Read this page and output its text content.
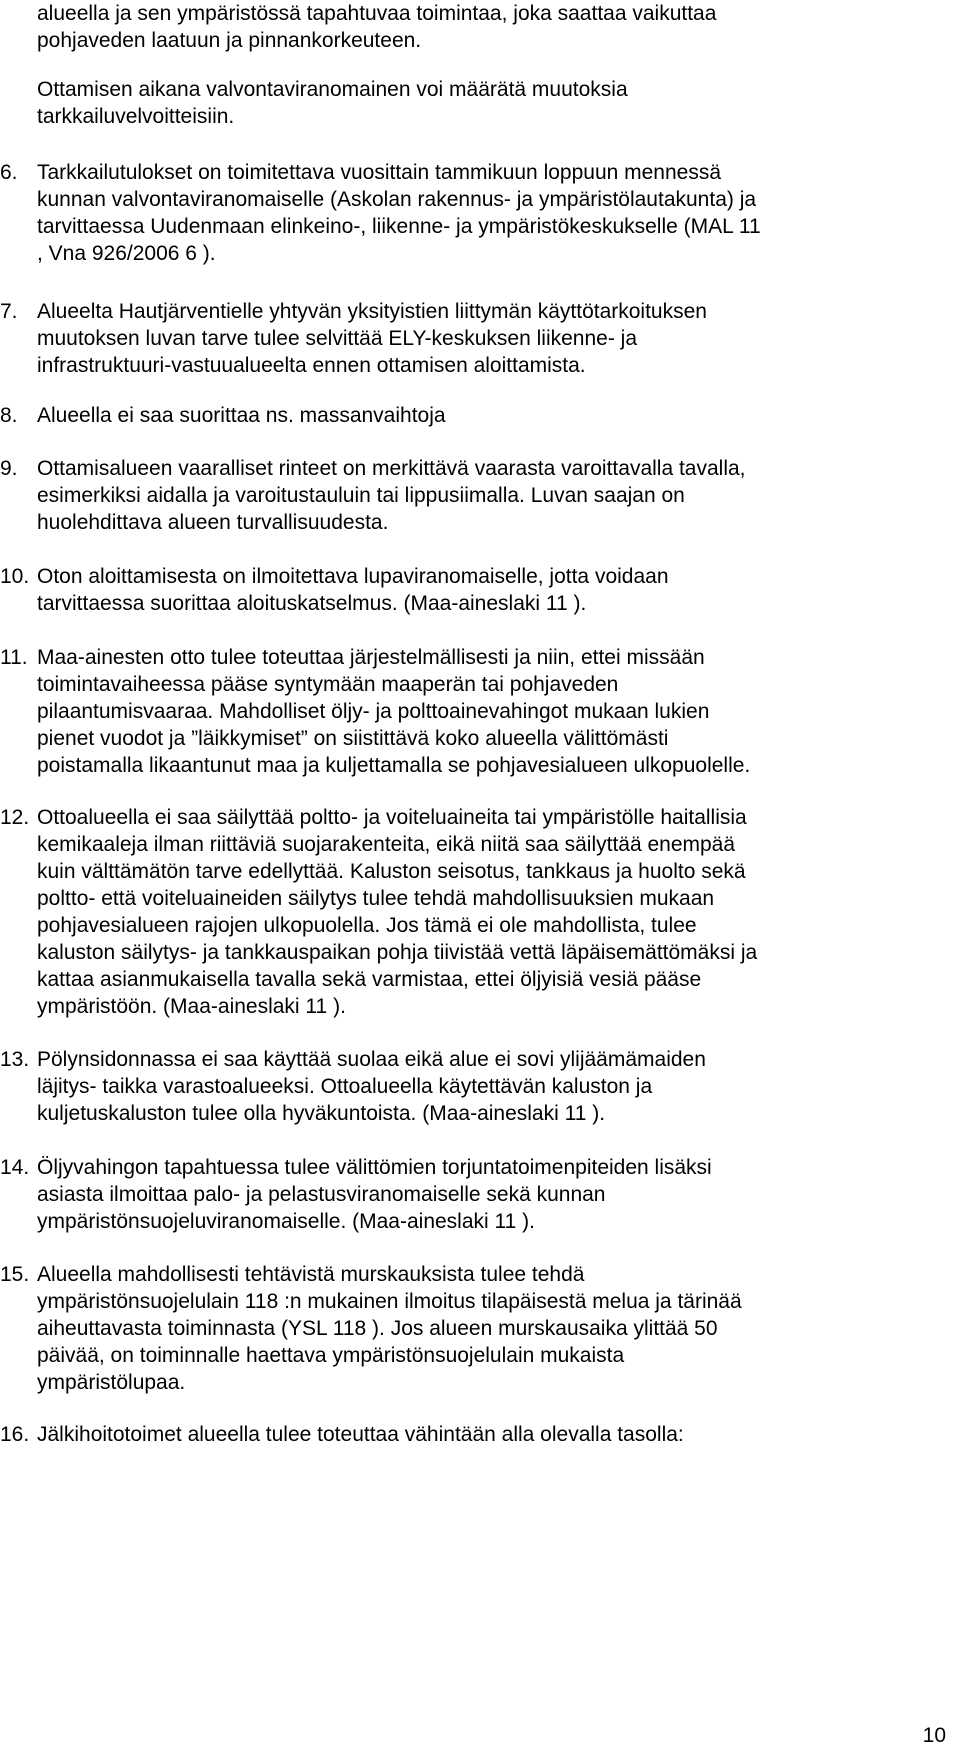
alueella ja sen ympäristössä tapahtuvaa toimintaa, joka saattaa vaikuttaa
pohjaveden laatuun ja pinnankorkeuteen.
Ottamisen aikana valvontaviranomainen voi määrätä muutoksia
tarkkailuvelvoitteisiin.
6. Tarkkailutulokset on toimitettava vuosittain tammikuun loppuun mennessä
kunnan valvontaviranomaiselle (Askolan rakennus- ja ympäristölautakunta) ja
tarvittaessa Uudenmaan elinkeino-, liikenne- ja ympäristökeskukselle (MAL 11
, Vna 926/2006 6 ).
7. Alueelta Hautjärventielle yhtyvän yksityistien liittymän käyttötarkoituksen
muutoksen luvan tarve tulee selvittää ELY-keskuksen liikenne- ja
infrastruktuuri-vastuualueelta ennen ottamisen aloittamista.
8. Alueella ei saa suorittaa ns. massanvaihtoja
9. Ottamisalueen vaaralliset rinteet on merkittävä vaarasta varoittavalla tavalla,
esimerkiksi aidalla ja varoitustauluin tai lippusiimalla. Luvan saajan on
huolehdittava alueen turvallisuudesta.
10. Oton aloittamisesta on ilmoitettava lupaviranomaiselle, jotta voidaan
tarvittaessa suorittaa aloituskatselmus. (Maa-aineslaki 11 ).
11. Maa-ainesten otto tulee toteuttaa järjestelmällisesti ja niin, ettei missään
toimintavaiheessa pääse syntymään maaperän tai pohjaveden
pilaantumisvaaraa. Mahdolliset öljy- ja polttoainevahingot mukaan lukien
pienet vuodot ja ”läikkymiset” on siistittävä koko alueella välittömästi
poistamalla likaantunut maa ja kuljettamalla se pohjavesialueen ulkopuolelle.
12. Ottoalueella ei saa säilyttää poltto- ja voiteluaineita tai ympäristölle haitallisia
kemikaaleja ilman riittäviä suojarakenteita, eikä niitä saa säilyttää enempää
kuin välttämätön tarve edellyttää. Kaluston seisotus, tankkaus ja huolto sekä
poltto- että voiteluaineiden säilytys tulee tehdä mahdollisuuksien mukaan
pohjavesialueen rajojen ulkopuolella. Jos tämä ei ole mahdollista, tulee
kaluston säilytys- ja tankkauspaikan pohja tiivistää vettä läpäisemättömäksi ja
kattaa asianmukaisella tavalla sekä varmistaa, ettei öljyisiä vesiä pääse
ympäristöön. (Maa-aineslaki 11 ).
13. Pölynsidonnassa ei saa käyttää suolaa eikä alue ei sovi ylijäämämaiden
läjitys- taikka varastoalueeksi. Ottoalueella käytettävän kaluston ja
kuljetuskaluston tulee olla hyväkuntoista. (Maa-aineslaki 11 ).
14. Öljyvahingon tapahtuessa tulee välittömien torjuntatoimenpiteiden lisäksi
asiasta ilmoittaa palo- ja pelastusviranomaiselle sekä kunnan
ympäristönsuojeluviranomaiselle. (Maa-aineslaki 11 ).
15. Alueella mahdollisesti tehtävistä murskauksista tulee tehdä
ympäristönsuojelulain 118 :n mukainen ilmoitus tilapäisestä melua ja tärinää
aiheuttavasta toiminnasta (YSL 118 ). Jos alueen murskausaika ylittää 50
päivää, on toiminnalle haettava ympäristönsuojelulain mukaista
ympäristölupaa.
16. Jälkihoitotoimet alueella tulee toteuttaa vähintään alla olevalla tasolla:
10
